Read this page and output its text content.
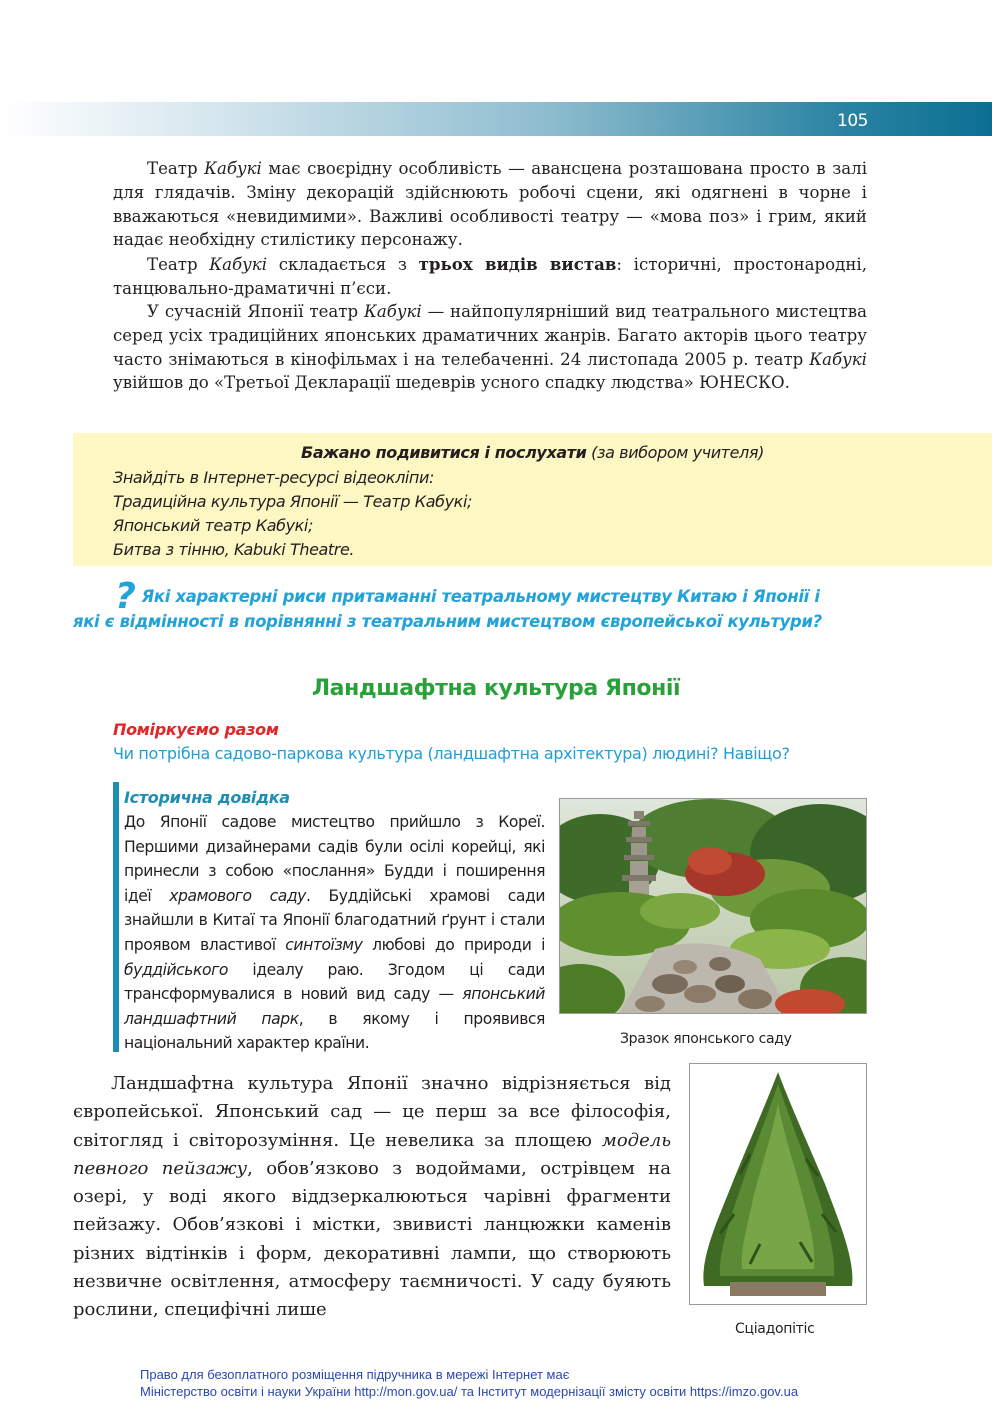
105

Театр Кабукі має своєрідну особливість — авансцена розташована просто в залі для глядачів. Зміну декорацій здійснюють робочі сцени, які одягнені в чорне і вважаються «невидимими». Важливі особливості театру — «мова поз» і грим, який надає необхідну стилістику персонажу.

Театр Кабукі складається з трьох видів вистав: історичні, простонародні, танцювально-драматичні п’єси.

У сучасній Японії театр Кабукі — найпопулярніший вид театрального мистецтва серед усіх традиційних японських драматичних жанрів. Багато акторів цього театру часто знімаються в кінофільмах і на телебаченні. 24 листопада 2005 р. театр Кабукі увійшов до «Третьої Декларації шедеврів усного спадку людства» ЮНЕСКО.

Бажано подивитися і послухати (за вибором учителя)
Знайдіть в Інтернет-ресурсі відеокліпи:
Традиційна культура Японії — Театр Кабукі;
Японський театр Кабукі;
Битва з тінню, Kabuki Theatre.
? Які характерні риси притаманні театральному мистецтву Китаю і Японії і
які є відмінності в порівнянні з театральним мистецтвом європейської культури?
Ландшафтна культура Японії
Поміркуємо разом
Чи потрібна садово-паркова культура (ландшафтна архітектура) людині? Навіщо?
Історична довідка

До Японії садове мистецтво прийшло з Кореї. Першими дизайнерами садів були осілі корейці, які принесли з собою «послання» Будди і поширення ідеї храмового саду. Буддійські храмові сади знайшли в Китаї та Японії благодатний ґрунт і стали проявом властивої синтоїзму любові до природи і буддійського ідеалу раю. Згодом ці сади трансформувалися в новий вид саду — японський ландшафтний парк, в якому і проявився національний характер країни.	Зразок японського саду

Ландшафтна культура Японії значно відрізняється від європейської. Японський сад — це перш за все філософія, світогляд і світорозуміння. Це невелика за площею модель певного пейзажу, обов’язково з водоймами, острівцем на озері, у воді якого віддзеркалюються чарівні фрагменти пейзажу. Обов’язкові і містки, звивисті ланцюжки каменів різних відтінків і форм, декоративні лампи, що створюють незвичне освітлення, атмосферу таємничості. У саду буяють рослини, специфічні лише

Сціадопітіс
Право для безоплатного розміщення підручника в мережі Інтернет має
Міністерство освіти і науки України http://mon.gov.ua/ та Інститут модернізації змісту освіти https://imzo.gov.ua
